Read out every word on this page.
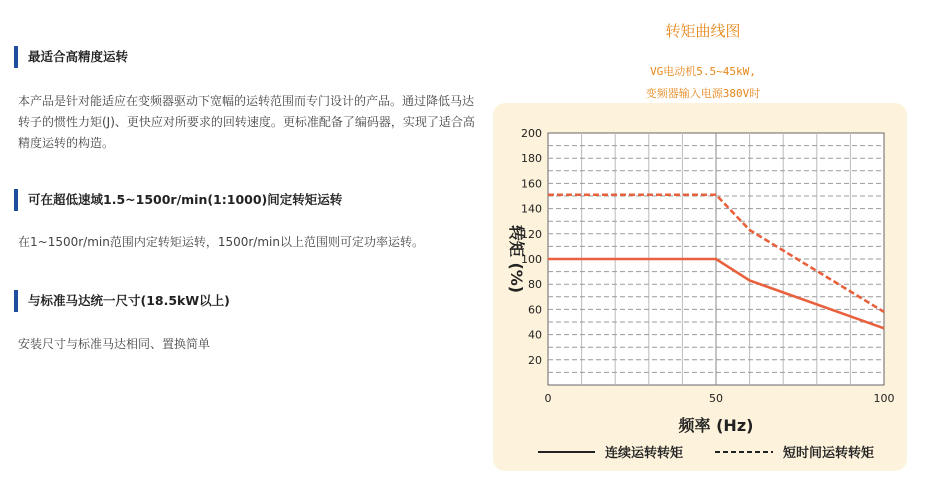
最适合高精度运转
本产品是针对能适应在变频器驱动下宽幅的运转范围而专门设计的产品。通过降低马达转子的惯性力矩(J)、更快应对所要求的回转速度。更标准配备了编码器，实现了适合高精度运转的构造。
可在超低速域1.5~1500r/min(1:1000)间定转矩运转
在1~1500r/min范围内定转矩运转，1500r/min以上范围则可定功率运转。
与标准马达统一尺寸(18.5kW以上)
安装尺寸与标准马达相同、置换简单
转矩曲线图
VG电动机5.5~45kW,
变频器输入电源380V时
20
40
60
80
100
120
140
160
180
200
0	50	100
频率 (Hz)
转矩 (%)
连续运转转矩	短时间运转转矩
